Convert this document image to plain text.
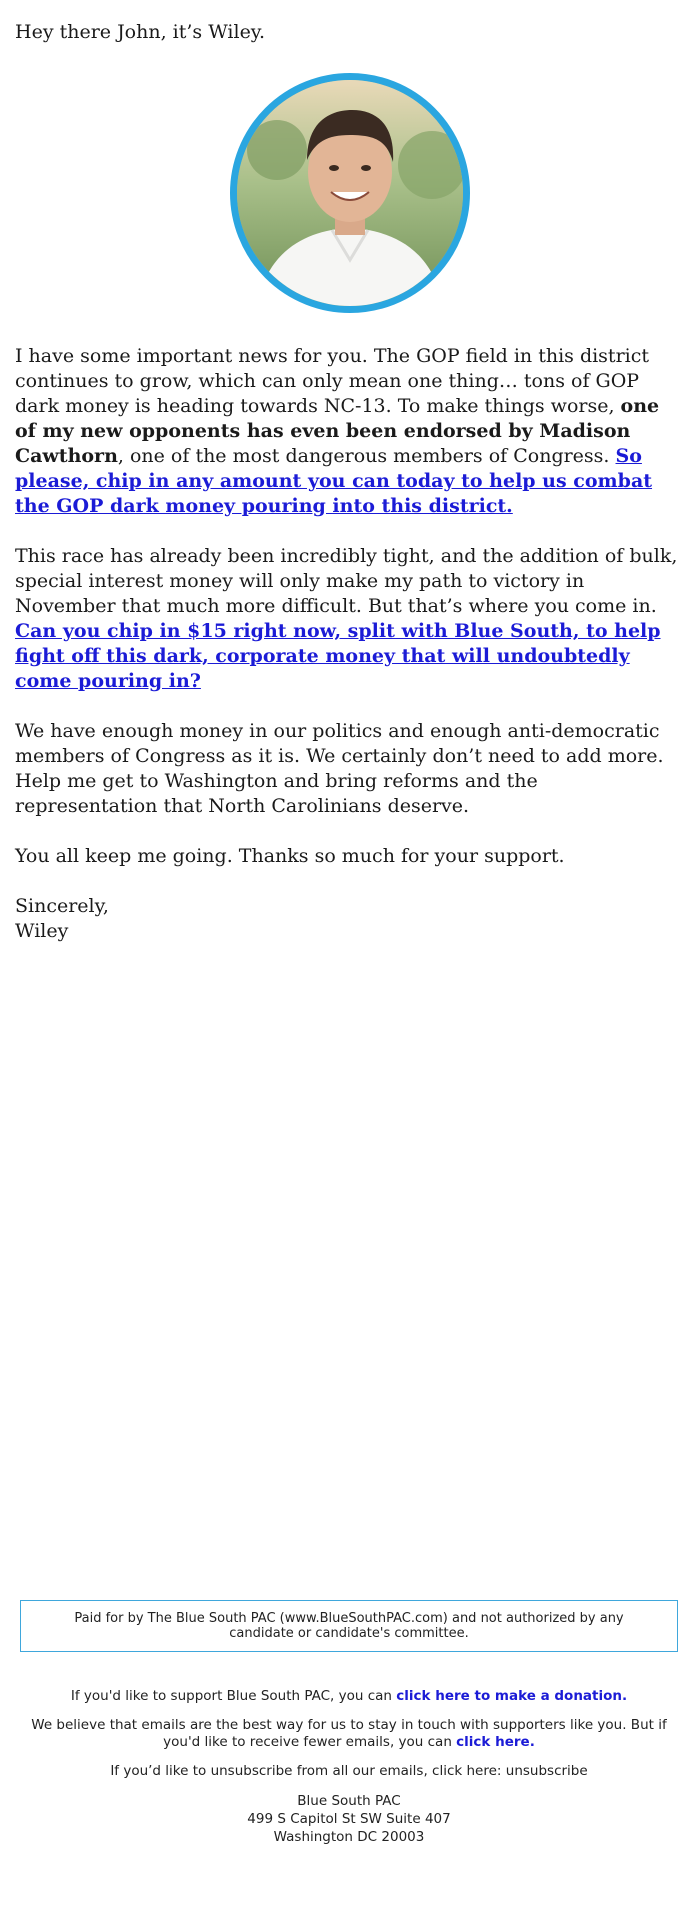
Hey there John, it’s Wiley.

I have some important news for you. The GOP field in this district continues to grow, which can only mean one thing… tons of GOP dark money is heading towards NC-13. To make things worse, one of my new opponents has even been endorsed by Madison Cawthorn, one of the most dangerous members of Congress. So please, chip in any amount you can today to help us combat the GOP dark money pouring into this district.

This race has already been incredibly tight, and the addition of bulk, special interest money will only make my path to victory in November that much more difficult. But that’s where you come in. Can you chip in $15 right now, split with Blue South, to help fight off this dark, corporate money that will undoubtedly come pouring in?

We have enough money in our politics and enough anti-democratic members of Congress as it is. We certainly don’t need to add more. Help me get to Washington and bring reforms and the representation that North Carolinians deserve.

You all keep me going. Thanks so much for your support.

Sincerely,

Wiley

Paid for by The Blue South PAC (www.BlueSouthPAC.com) and not authorized by any candidate or candidate's committee.

If you'd like to support Blue South PAC, you can click here to make a donation.

We believe that emails are the best way for us to stay in touch with supporters like you. But if you'd like to receive fewer emails, you can click here.

If you’d like to unsubscribe from all our emails, click here: unsubscribe

Blue South PAC
499 S Capitol St SW Suite 407
Washington DC 20003
